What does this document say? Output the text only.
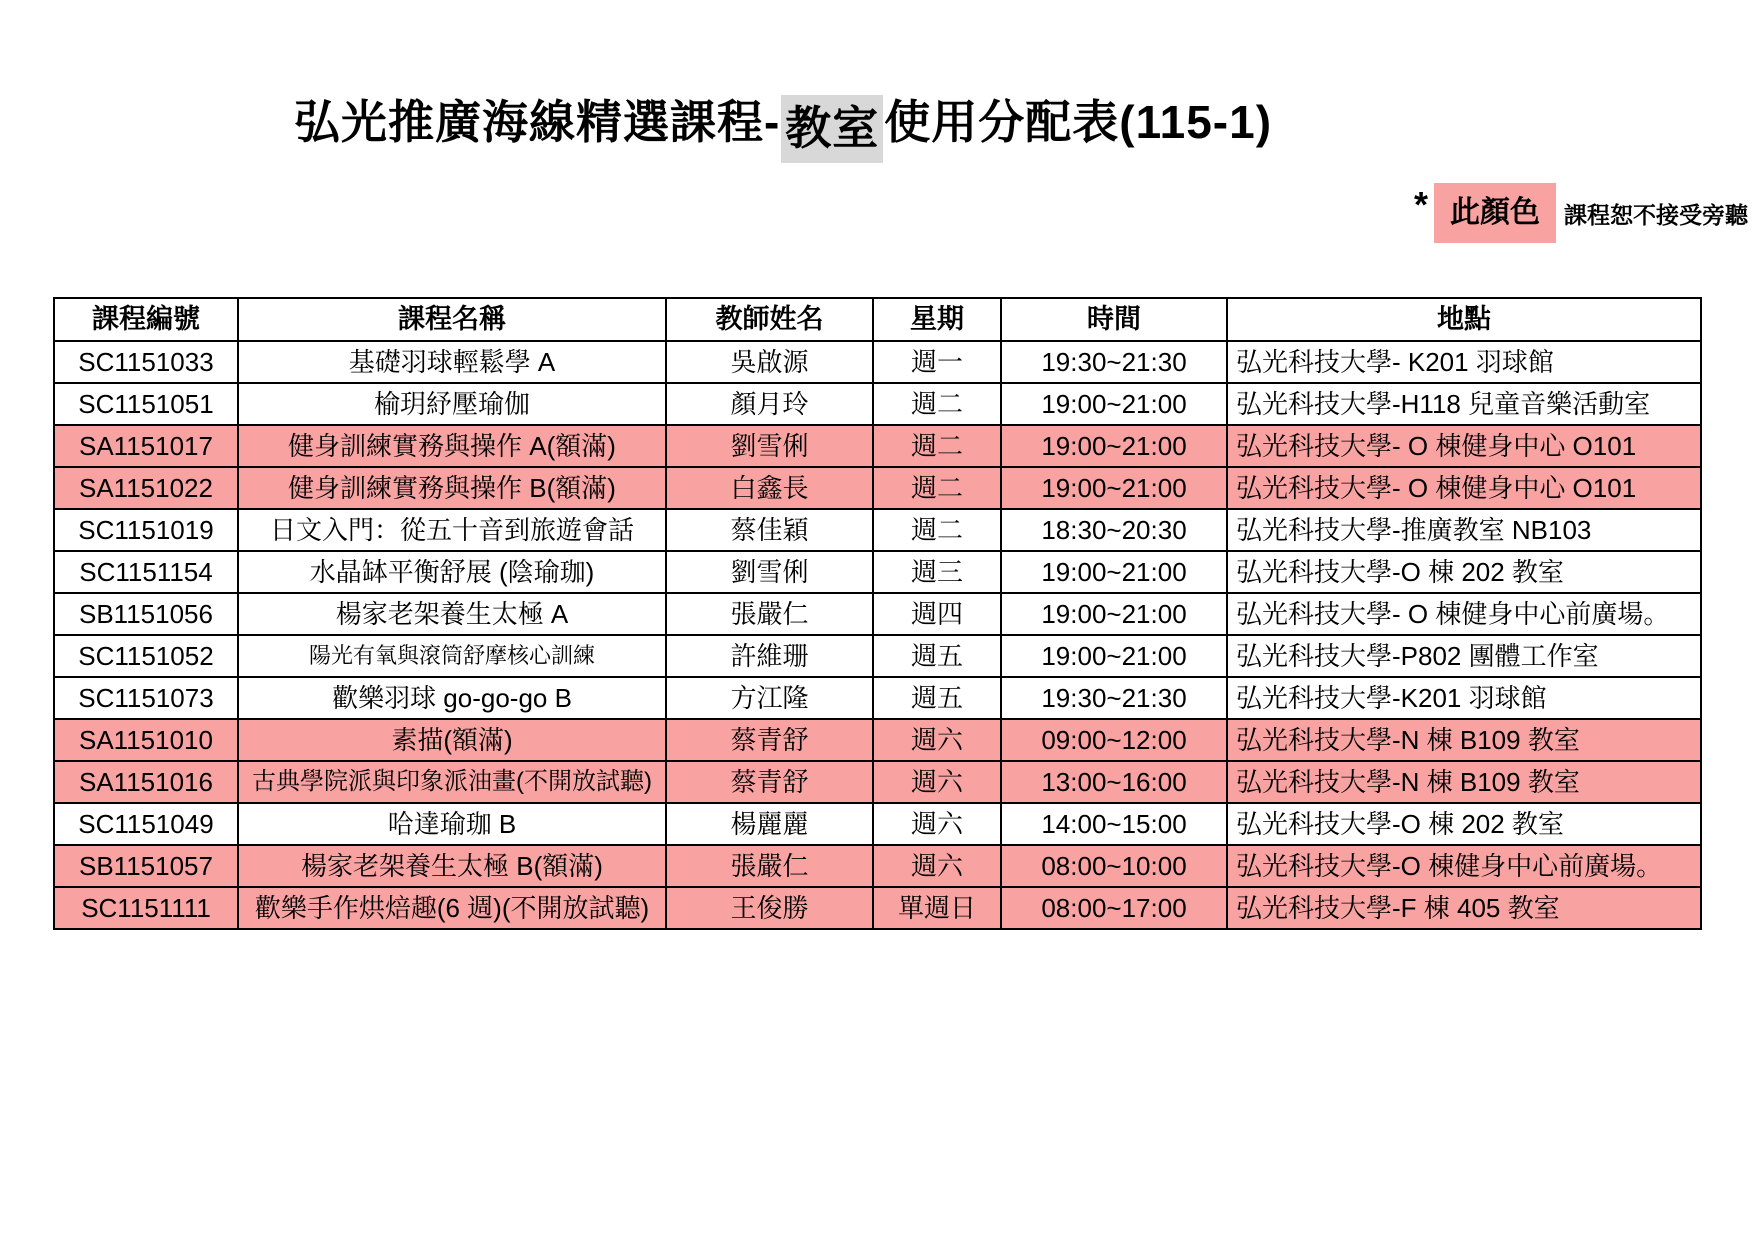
弘光推廣海線精選課程- 教室 使用分配表(115-1)
* 此顏色	課程恕不接受旁聽
課程編號	課程名稱	教師姓名	星期	時間	地點
SC1151033	基礎羽球輕鬆學 A	吳啟源	週一	19:30~21:30	弘光科技大學- K201 羽球館
SC1151051	榆玥紓壓瑜伽	顏月玲	週二	19:00~21:00	弘光科技大學-H118 兒童音樂活動室
SA1151017	健身訓練實務與操作 A(額滿)	劉雪俐	週二	19:00~21:00	弘光科技大學- O 棟健身中心 O101
SA1151022	健身訓練實務與操作 B(額滿)	白鑫長	週二	19:00~21:00	弘光科技大學- O 棟健身中心 O101
SC1151019	日文入門：從五十音到旅遊會話	蔡佳穎	週二	18:30~20:30	弘光科技大學-推廣教室 NB103
SC1151154	水晶缽平衡舒展 (陰瑜珈)	劉雪俐	週三	19:00~21:00	弘光科技大學-O 棟 202 教室
SB1151056	楊家老架養生太極 A	張嚴仁	週四	19:00~21:00	弘光科技大學- O 棟健身中心前廣場。
SC1151052	陽光有氧與滾筒舒摩核心訓練	許維珊	週五	19:00~21:00	弘光科技大學-P802 團體工作室
SC1151073	歡樂羽球 go-go-go B	方江隆	週五	19:30~21:30	弘光科技大學-K201 羽球館
SA1151010	素描(額滿)	蔡青舒	週六	09:00~12:00	弘光科技大學-N 棟 B109 教室
SA1151016	古典學院派與印象派油畫(不開放試聽)	蔡青舒	週六	13:00~16:00	弘光科技大學-N 棟 B109 教室
SC1151049	哈達瑜珈 B	楊麗麗	週六	14:00~15:00	弘光科技大學-O 棟 202 教室
SB1151057	楊家老架養生太極 B(額滿)	張嚴仁	週六	08:00~10:00	弘光科技大學-O 棟健身中心前廣場。
SC1151111	歡樂手作烘焙趣(6 週)(不開放試聽)	王俊勝	單週日	08:00~17:00	弘光科技大學-F 棟 405 教室
